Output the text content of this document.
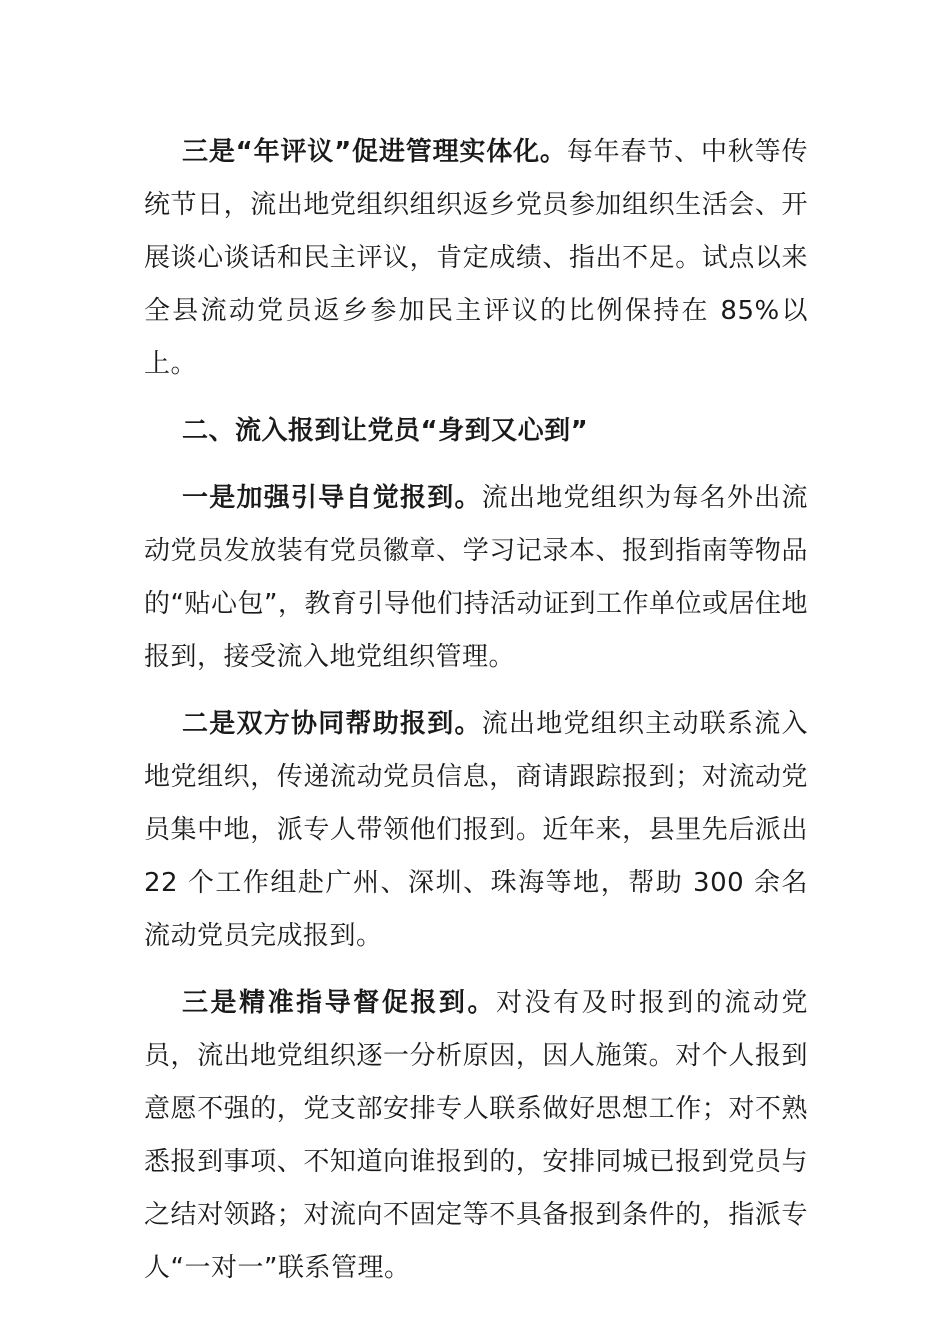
三是“年评议”促进管理实体化。每年春节、中秋等传统节日，流出地党组织组织返乡党员参加组织生活会、开展谈心谈话和民主评议，肯定成绩、指出不足。试点以来全县流动党员返乡参加民主评议的比例保持在 85%以上。

二、流入报到让党员“身到又心到”

一是加强引导自觉报到。流出地党组织为每名外出流动党员发放装有党员徽章、学习记录本、报到指南等物品的“贴心包”，教育引导他们持活动证到工作单位或居住地报到，接受流入地党组织管理。

二是双方协同帮助报到。流出地党组织主动联系流入地党组织，传递流动党员信息，商请跟踪报到；对流动党员集中地，派专人带领他们报到。近年来，县里先后派出 22 个工作组赴广州、深圳、珠海等地，帮助 300 余名流动党员完成报到。

三是精准指导督促报到。对没有及时报到的流动党员，流出地党组织逐一分析原因，因人施策。对个人报到意愿不强的，党支部安排专人联系做好思想工作；对不熟悉报到事项、不知道向谁报到的，安排同城已报到党员与之结对领路；对流向不固定等不具备报到条件的，指派专人“一对一”联系管理。
